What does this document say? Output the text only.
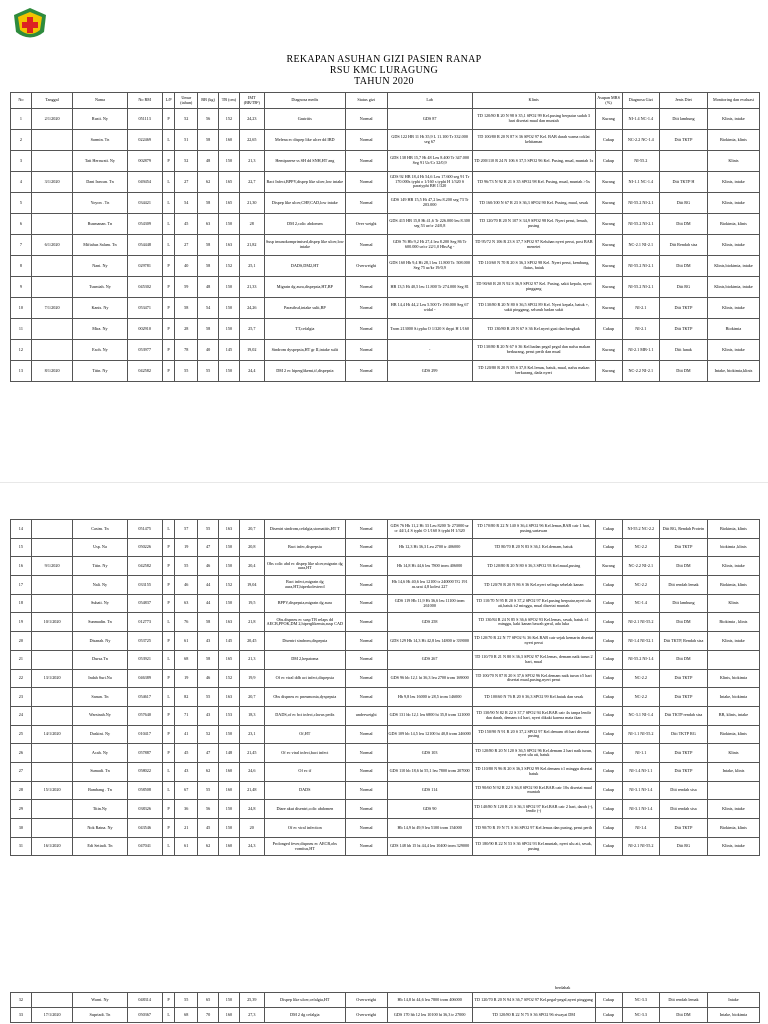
REKAPAN ASUHAN GIZI PASIEN RANAP
RSU KMC LURAGUNG
TAHUN 2020
No	Tanggal	Nama	No RM	L/P	Umur (tahun)	BB (kg)	TB (cm)	IMT (BB/TB²)	Diagnosa medis	Status gizi	Lab	Klinis	Asupan MRS (%)	Diagnosa Gizi	Jenis Diet	Monitoring dan evaluasi
1	2/1/2020	Rusti. Ny	051113	P	52	56	152	24,23	Gastritis	Normal	GDS 87	TD 120/80 R 20 N 98 S 35,1 SPO2 99 Kel.pusing berputar sudah 3 hari disertai mual dan muntah	Kurang	NI-1.4 NC-1.4	Diit lambung	Klinis, intake
2		Sarmin. Tn	022469	L	51	58	160	22,65	Melena ec dispep like ulcer dd IBD	Normal	GDS 122 HB 11 Ht 35,9 L 11.100 Tr 332.000 seg 67	TD 100/80 R 20 N 87 S 36 SPO2 97 Kel. BAB darah warna coklat kehitaman	Cukup	NC-2.2 NC-1.4	Diit TKTP	Biokimia, klinis
3		Tati Herawati. Ny	002879	P	52	48	150	21,3	Hemiparese ss SH dd SNH,HT ang	Normal	GDS 138 HB 15,7 Ht 48 Leu 8.400 Tr 347.000 Seg 91 Ur/Cr 32/0,9	TD 200/110 R 24 N 106 S 37,5 SPO2 96 Kel. Pusing, mual, muntah 1x	Cukup	NI-55.2		Klinis
4	3/1/2020	Dani Irawan. Tn	049454	L	27	62	165	22,7	Bact Infect,BPPV,dispep like ulcer,low intake	Normal	GDS 92 HB 18,4 Ht 54,6 Leu 17.600 seg 91 Tr 170.000s typhi o 1/160 s typhi H 1/320 S paratyphi BH 1/320	TD 96/73 N 92 R 21 S 35 SPO2 98 Kel. Pusing, mual, muntah >5x	Kurang	NI-1.1 NC-1.4	Diit TKTP H	Klinis, intake
5		Yoyon . Tn	034421	L	54	58	165	21,30	Dispep like ulcer,CHF,CAD,low intake	Normal	GDS 149 HB 15,5 Ht 47,2 leu 8.200 seg 73 Tr 203.000	TD 160/100 N 67 R 23 S 36,3 SPO2 90 Kel. Pusing, mual, sesak	Kurang	NI-55.2 NI-2.1	Diit RG	Klinis, intake
6		Rusmanan. Tn	054309	L	45	63	150	28	DM 2,colic abdomen	Over weight	GDS 415 HB 15,8 Ht 41,6 Tr 226.000 leu 8.300 seg 53 ur/cr 24/0,8	TD 120/70 R 20 N 107 S 34,9 SPO2 98 Kel. Nyeri perut, lemah, pusing	Kurang	NI-55.2 NI-2.1	Diit DM	Biokimia, klinis
7	6/1/2020	Miftahus Salam. Tn	054448	L	27	58	163	21,82	Susp imunokomprimised,dispep like ulcer,low intake	Normal	GDS 76 Hb 9,2 Ht 27,4 leu 8.200 Seg 86 Tr 600.000 ur/cr 22/1,0 HbsAg -	TD 95/72 N 106 R 23 S 37,7 SPO2 97 Keluhan nyeri perut, post BAB menetet	Kurang	NC-2.1 NI-2.1	Diit Rendah sisa	Klinis, intake
8		Nani. Ny	029781	P	40	58	152	25,1	DADS,DM2,HT	Overweight	GDS 160 Hb 9,4 Ht 28,1 leu 11.800 Tr. 508.000 Seg 75 ur/kr 19/0,9	TD 110/60 N 70 R 20 S 36,3 SPO2 98 Kel. Nyeri perut, kembung, flatus, batuk	Kurang	NI-55.2 NI-2.1	Diit DM	Klinis,biokimia, intake
9		Tusmiah. Ny	045302	P	59	48	150	21,33	Migrain dg aura,dispepsia,HT,BP	Normal	HB 13,5 Ht 40,5 leu 11.800 Tr 274.000 Seg 81	TD 90/60 R 20 N 92 S 36,9 SPO2 97 Kel. Pusing, sakit kepala, nyeri pinggang	Kurang	NI-55.2 NI-2.1	Diit RG	Klinis,biokimia, intake
10	7/1/2020	Kanis. Ny	053471	P	58	54	150	24,26	Parastbsd,intake sulit,BP	Normal	HB 14,4 Ht 44,2 Leu 5.500 Tr 190.000 Seg 67 widal -	TD 130/80 R 20 N 80 S 36,5 SPO2 89 Kel. Nyeri kepala, batuk +, sakit pinggang, seluruh badan sakit	Kurang	NI-2.1	Diit TKTP	Klinis, intake
11		Mira. Ny	002910	P	28	58	150	25,7	TT,cefalgia	Normal	Trom 213000 S.typha O 1/320 S thypi H 1/160	TD 130/80 R 20 N 67 S 36 Kel.nyeri gusi dan bengkak	Cukup	NI-2.1	Diit TKTP	Biokimia
12		Esoh. Ny	053977	P	78	40	145	19,02	Sindrom dyspepsia,HT gr II,intake sulit	Normal	-	TD 130/80 R 20 N 67 S 36 Kel.badan pegal pegal dan nafsu makan berkurang, perut perih dan mual	Kurang	NI-2.1 MB-1.1	Diit lunak	Klinis, intake
13	8/1/2020	Titin. Ny	042582	P	55	55	150	24,4	DM 2 ec hiperglikemi,tf,dispepsia	Normal	GDS 299	TD 120/80 R 20 N 85 S 37,8 Kel.lemas, batuk, mual, nafsu makan berkurang, dada nyeri	Kurang	NC-2.2 NI-2.1	Diit DM	Intake, biokimia,klinis
14		Casim. Tn	051475	L	57	55	163	20,7	Disentri sindrom,cefalgia,stomatitis,HT T	Normal	GDS 76 Hb 11,2 Ht 33 Leu 8200 Tr 273000 ur cr 44/1,4 S typhi O 1/160 S typhi H 1/320	TD 170/80 R 22 N 140 S 36,4 SPO2 96 Kel.lemas,BAB cair 1 hari, pusing,sariawan	Cukup	NI-55.2 NC-2.2	Diit RG, Rendah Protein	Biokimia, klinis
15		Usp. Na	050226	P	19	47	150	20,8	Bact infec,dispepsia	Normal	Hb 12,3 Ht 36,3 Leu 2700 tr 406000	TD 80/70 R 20 N 83 S 36,1 Kel.demam, batuk	Cukup	NC-2.2	Diit TKTP	biokimia ,klinis
16	9/1/2020	Titin. Ny	042582	P	55	46	150	20,4	Obs colic abd ec dispep like ulcer,migrain dg aura,HT	Normal	Hb 14,8 Ht 44,6 leu 7800 trom 406000	TD 120/80 R 20 N 80 S 36,3 SPO2 93 Kel.mual,pusing	Kurang	NC-2.2 NI-2.1	Diit DM	Klinis, intake
17		Nali. Ny	033155	P	46	44	152	19,04	Bact infect,migrain dg aura,HT,hiperkolesterol	Normal	Hb 14,6 Ht 40,6 leu 12100 tr 240000 TG 191 as.urat 4,8 kolest 227	TD 120/70 R 20 N 86 S 36 Kel.nyeri selinga sebelah kanan	Cukup	NC-2.2	Diit rendah lemak	Biokimia, klinis
18		Suhati. Ny	054837	P	63	44	150	19,5	BPPV,dispepsia,migrain dg aura	Normal	GDS 119 Hb 11,9 Ht 36,6 leu 11100 trom 261000	TD 110/70 N 95 R 20 S 37,2 SPO2 97 Kel.pusing berputar,nyeri ulu ati,batuk ±2 minggu, mual disertai muntah	Cukup	NC-1.4	Diit lambung	Klinis
19	10/1/2020	Sunmadin. Tn	012773	L	76	58	163	21,8	Obs.dispneu ec susp TB relaps dd AECB,PPOK,DM 2,hiperglikemia,susp CAD	Normal	GDS 258	TD 130/84 R 24 N 85 S 36,6 SPO2 93 Kel.lemas, sesak, batuk ±1 minggu, kaki kanan bawah geral, ada luka	Cukup	NI-2.1 NI-55.2	Diit DM	Biokimia , klinis
20		Disanah. Ny	053725	P	61	43	145	20,45	Disentri sindrom,dispepsia	Normal	GDS 129 Hb 14,3 Ht 42,8 leu 14800 tr 339000	TD 120/70 R 22 N 77 SPO2 % 36 Kel.BAB cair sejak kemarin disertai nyeri perut	Cukup	NI-1.4 NI-52.1	Diit TKTP, Rendah sisa	Klinis, intake
21		Dursa.Tn	053921	L	68	58	165	21,3	DM 2,hepatoma	Normal	GDS 267	TD 110/70 R 21 N 80 S 36,3 SPO2 97 Kel.lemas, demam naik turun 2 hari, mual	Cukup	NI-55.2 NI-1.4	Diit DM	
22	13/1/2020	Indah Suri.Na	046389	P	19	46	152	19,9	Of ec viral ddb act infect,dispepsia	Normal	GDS 96 hb 12,1 ht 36,3 leu 2700 trom 169000	TD 100/70 N 87 R 20 S 37,6 SPO2 96 Kel.demam naik turun ±5 hari disertai mual,pusing,nyeri perut	Cukup	NC-2.2	Diit TKTP	Klinis, biokimia
23		Sanun. Tn	054617	L	82	55	163	20,7	Obs dispneu ec pneumonia,dyspepsia	Normal	Hb 9,8 leu 16000 tr 28,5 trom 146000	TD 100/60 N 76 R 20 S 36,3 SPO2 99 Kel.batuk dan sesak	Cukup	NC-2.2	Diit TKTP	Intake, biokimia
24		Warsinah.Ny	057640	P	71	43	153	18,3	DADS,of ec bct infect,clavus pedis	underweight	GDS 131 hb 12,1 leu 6800 ht 35,8 trom 121000	TD 130/90 N 82 R 22 S 37,7 SPO2 94 Kel.BAB cair 4x tanpa lendir dan darah, demam ±4 hari, nyeri dikaki karena mata ikan	Cukup	NC-3.1 NI-1.4	Diit TKTP rendah sisa	BB, klinis, intake
25	14/1/2020	Daskini. Ny	010417	P	41	52	150	23,1	Of,HT	Normal	GDS 109 hb 14,5 leu 12100 ht 40,8 trom 246000	TD 150/90 N 91 R 20 S 37,2 SPO2 97 Kel.demam ±6 hari disertai pusing	Cukup	NI-1.1 NI-55.2	Diit TKTP RG	Biokimia, klinis
26		Acah. Ny	057887	P	45	47	148	21,45	Of ec viral infect,bact infect	Normal	GDS 103	TD 120/80 R 20 N 120 S 36,5 SPO2 96 Kel.demam 2 hari naik turun, nyeri ulu ati, batuk	Cukup	NI-1.1	Diit TKTP	Klinis
27		Sumadi. Tn	058022	L	43	62	160	24,6	Of ec tf	Normal	GDS 110 hb 18,6 ht 55,1 leu 7800 trom 207000	TD 110/80 N 96 R 20 S 36,3 SPO2 99 Kel.demam ±1 minggu disertai batuk	Cukup	NI-1.4 NI-1.1	Diit TKTP	Intake, klinis
28	15/1/2020	Bambang . Tn	058508	L	67	55	160	21,48	DADS	Normal	GDS 114	TD 90/60 N 92 R 22 S 36,8 SPO2 90 Kel.BAB cair 10x disertai mual muntah	Cukup	NI-3.1 NI-1.4	Diit rendah sisa	
29		Titin.Ny	038326	P	36	56	150	24,8	Diare akut disentri,colic abdomen	Normal	GDS 90	TD 140/80 N 120 R 21 S 36,3 SPO2 97 Kel.BAB cair 2 hari, darah (-), lendir (-)	Cukup	NI-3.1 NI-1.4	Diit rendah sisa	Klinis, intake
30		Nok Ratna. Ny	043546	P	21	45	150	20	Of ec viral infection	Normal	Hb 14,9 ht 49,9 leu 5100 trom 154000	TD 90/70 R 19 N 71 S 36 SPO2 97 Kel.lemas dan pusing, perut perih	Cukup	NI-1.4	Diit TKTP	Biokimia, klinis
31	16/1/2020	Edi Setiadi. Tn	047041	L	61	62	160	24,3	Prolonged fever,dispneu ec AECB,obs vomitus,HT	Normal	GDS 148 hb 15 ht 44,4 leu 10400 trom 329000	TD 180/90 R 22 N 53 S 36 SPO2 93 Kel.muntah, nyeri ulu ati, sesak, pusing	Cukup	NI-2.1 NI-55.2	Diit RG	Klinis, intake
berdahak
32		Warni. Ny	048314	P	55	65	150	25,39	Dispep like ulcer,cefalgia,HT	Overweight	Hb 14,8 ht 44,6 leu 7800 trom 406000	TD 120/70 R 20 N 94 S 36,7 SPO2 97 Kel.pegal-pegal,nyeri pinggang	Cukup	NC-3.3	Diit rendah lemak	Intake
33	17/1/2020	Supriadi. Tn	050367	L	68	70	160	27,3	DM 2 dg cefalgia	Overweight	GDS 170 hb 12 leu 10100 ht 36,3 tr 27000	TD 120/80 R 22 N 75 S 36 SPO2 96 riwayat DM	Cukup	NC-3.3	Diit DM	Intake, biokimia
